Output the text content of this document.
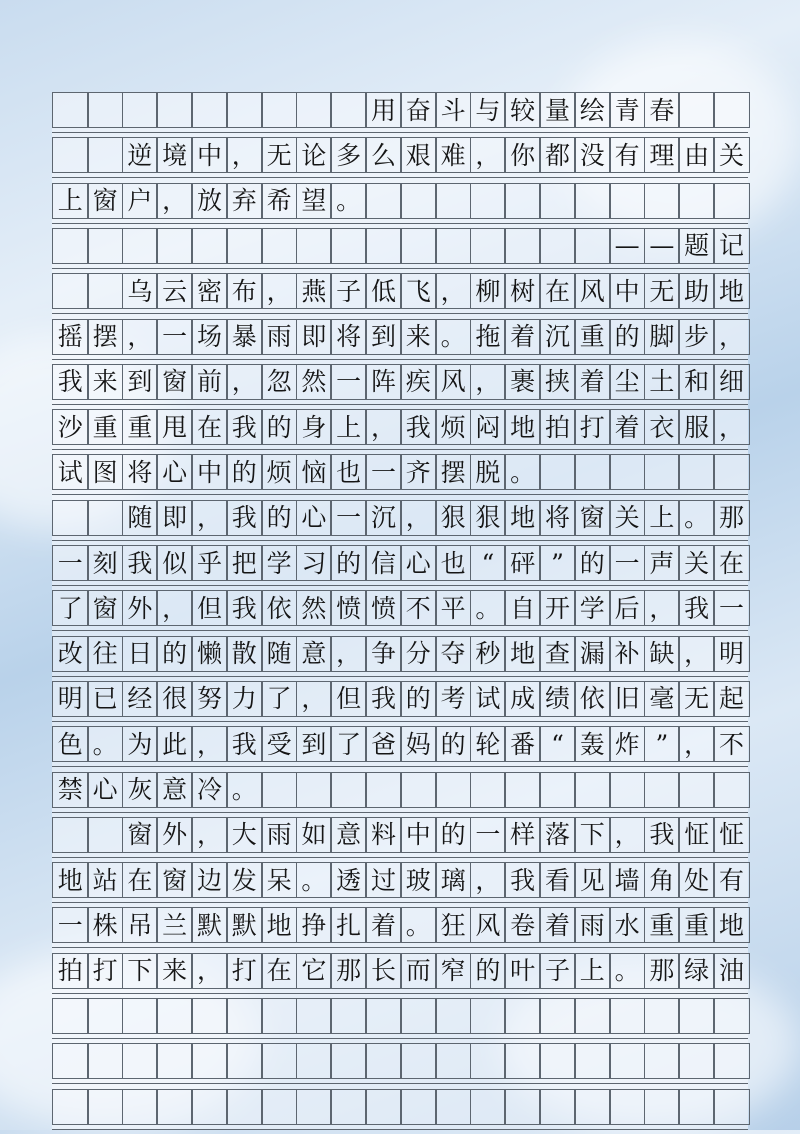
用 奋 斗 与 较 量 绘 青 春
逆 境 中 ， 无 论 多 么 艰 难 ， 你 都 没 有 理 由 关
上 窗 户 ， 放 弃 希 望 。
— — 题 记
乌 云 密 布 ， 燕 子 低 飞 ， 柳 树 在 风 中 无 助 地
摇 摆 ， 一 场 暴 雨 即 将 到 来 。 拖 着 沉 重 的 脚 步 ，
我 来 到 窗 前 ， 忽 然 一 阵 疾 风 ， 裹 挟 着 尘 土 和 细
沙 重 重 甩 在 我 的 身 上 ， 我 烦 闷 地 拍 打 着 衣 服 ，
试 图 将 心 中 的 烦 恼 也 一 齐 摆 脱 。
随 即 ， 我 的 心 一 沉 ， 狠 狠 地 将 窗 关 上 。 那
一 刻 我 似 乎 把 学 习 的 信 心 也 “ 砰 ” 的 一 声 关 在
了 窗 外 ， 但 我 依 然 愤 愤 不 平 。 自 开 学 后 ， 我 一
改 往 日 的 懒 散 随 意 ， 争 分 夺 秒 地 查 漏 补 缺 ， 明
明 已 经 很 努 力 了 ， 但 我 的 考 试 成 绩 依 旧 毫 无 起
色 。 为 此 ， 我 受 到 了 爸 妈 的 轮 番 “ 轰 炸 ” ， 不
禁 心 灰 意 冷 。
窗 外 ， 大 雨 如 意 料 中 的 一 样 落 下 ， 我 怔 怔
地 站 在 窗 边 发 呆 。 透 过 玻 璃 ， 我 看 见 墙 角 处 有
一 株 吊 兰 默 默 地 挣 扎 着 。 狂 风 卷 着 雨 水 重 重 地
拍 打 下 来 ， 打 在 它 那 长 而 窄 的 叶 子 上 。 那 绿 油
